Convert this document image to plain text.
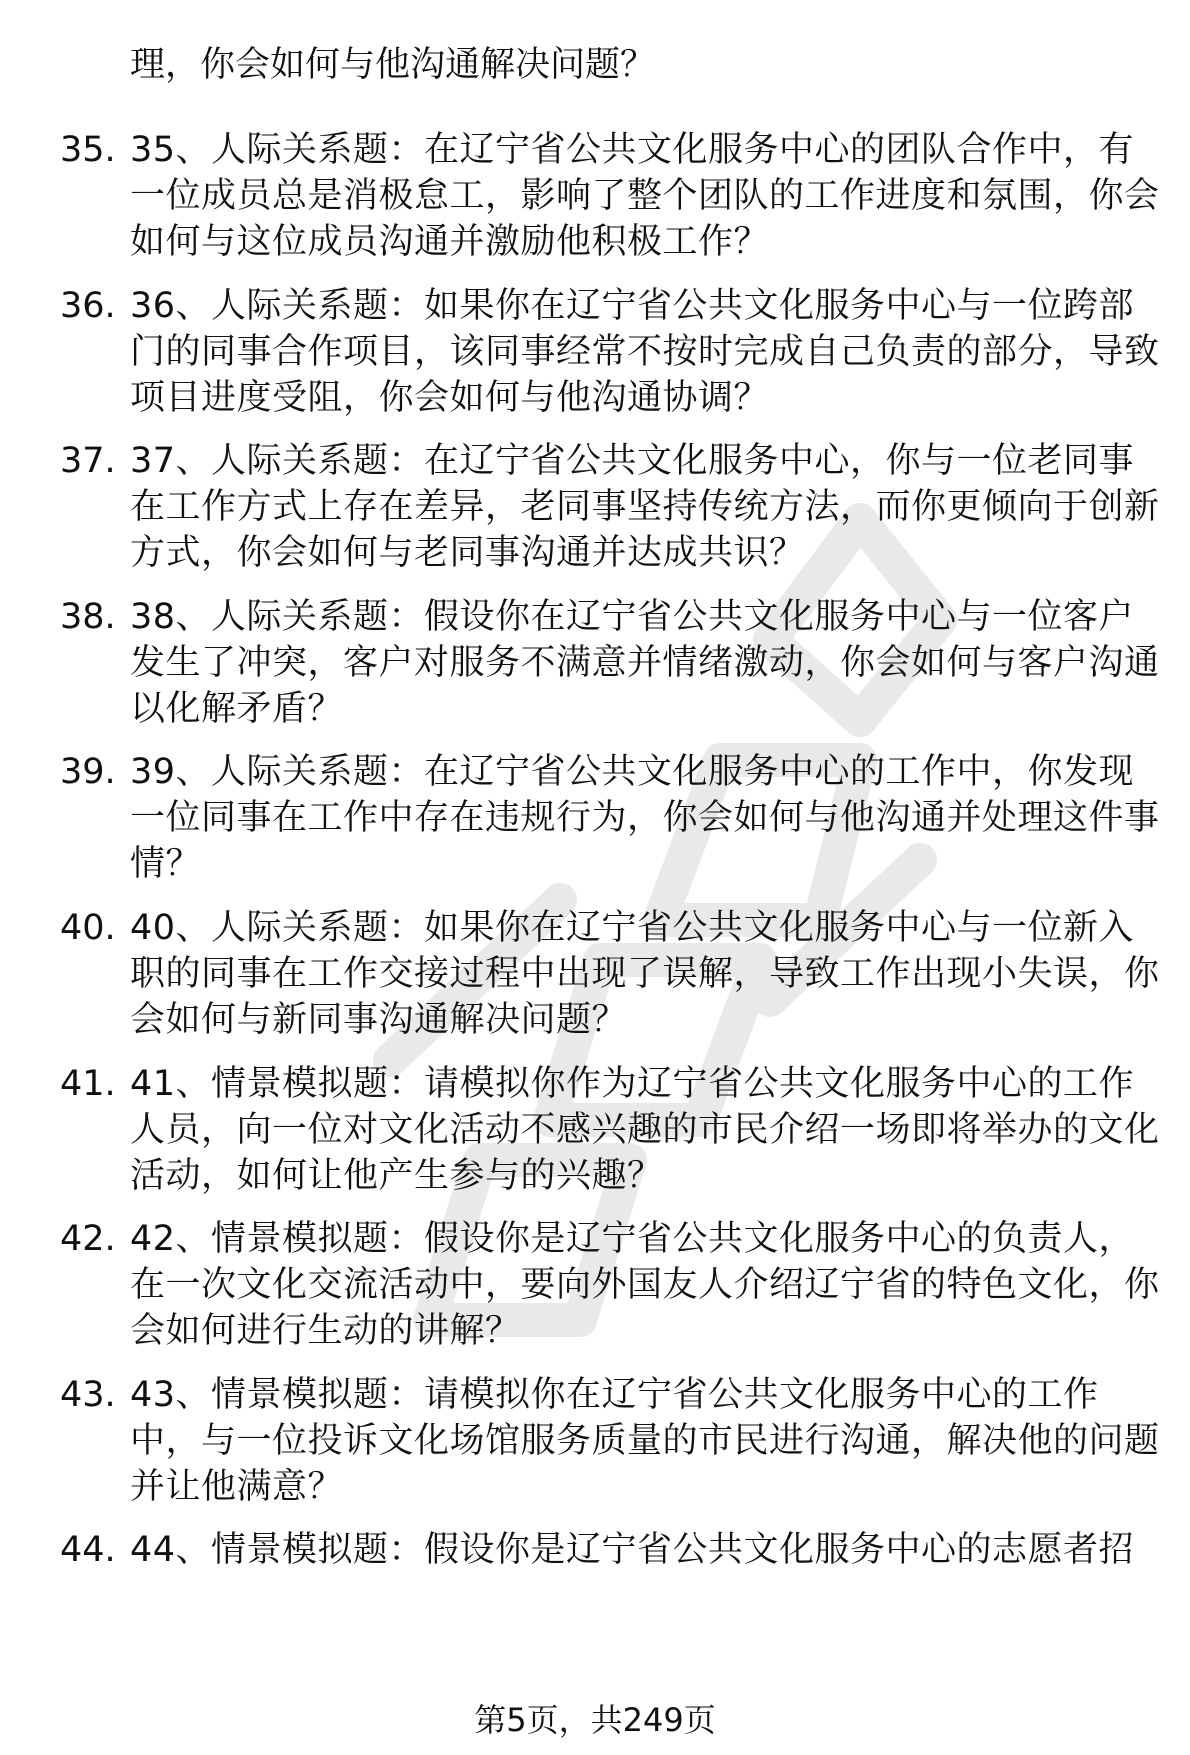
理，你会如何与他沟通解决问题？
35. 35、人际关系题：在辽宁省公共文化服务中心的团队合作中，有一位成员总是消极怠工，影响了整个团队的工作进度和氛围，你会如何与这位成员沟通并激励他积极工作？
36. 36、人际关系题：如果你在辽宁省公共文化服务中心与一位跨部门的同事合作项目，该同事经常不按时完成自己负责的部分，导致项目进度受阻，你会如何与他沟通协调？
37. 37、人际关系题：在辽宁省公共文化服务中心，你与一位老同事在工作方式上存在差异，老同事坚持传统方法，而你更倾向于创新方式，你会如何与老同事沟通并达成共识？
38. 38、人际关系题：假设你在辽宁省公共文化服务中心与一位客户发生了冲突，客户对服务不满意并情绪激动，你会如何与客户沟通以化解矛盾？
39. 39、人际关系题：在辽宁省公共文化服务中心的工作中，你发现一位同事在工作中存在违规行为，你会如何与他沟通并处理这件事情？
40. 40、人际关系题：如果你在辽宁省公共文化服务中心与一位新入职的同事在工作交接过程中出现了误解，导致工作出现小失误，你会如何与新同事沟通解决问题？
41. 41、情景模拟题：请模拟你作为辽宁省公共文化服务中心的工作人员，向一位对文化活动不感兴趣的市民介绍一场即将举办的文化活动，如何让他产生参与的兴趣？
42. 42、情景模拟题：假设你是辽宁省公共文化服务中心的负责人，在一次文化交流活动中，要向外国友人介绍辽宁省的特色文化，你会如何进行生动的讲解？
43. 43、情景模拟题：请模拟你在辽宁省公共文化服务中心的工作中，与一位投诉文化场馆服务质量的市民进行沟通，解决他的问题并让他满意？
44. 44、情景模拟题：假设你是辽宁省公共文化服务中心的志愿者招
第5页，共249页
